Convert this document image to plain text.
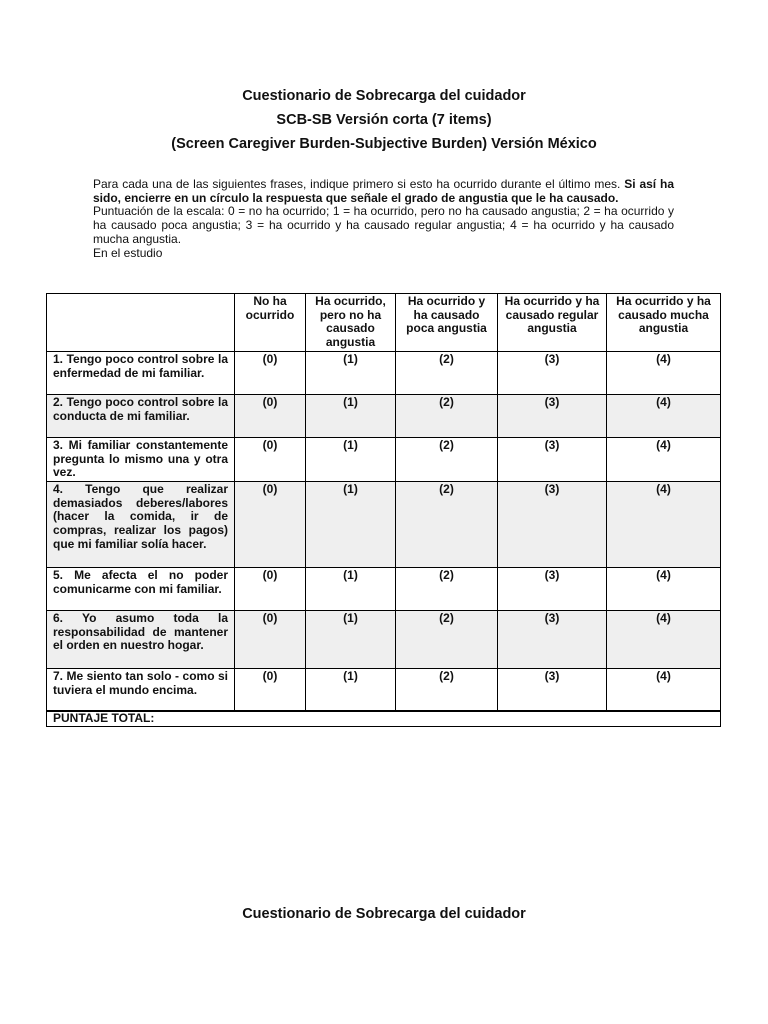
Cuestionario de Sobrecarga del cuidador
SCB-SB Versión corta (7 items)
(Screen Caregiver Burden-Subjective Burden) Versión México

Para cada una de las siguientes frases, indique primero si esto ha ocurrido durante el último mes. Si así ha sido, encierre en un círculo la respuesta que señale el grado de angustia que le ha causado.

Puntuación de la escala: 0 = no ha ocurrido; 1 = ha ocurrido, pero no ha causado angustia; 2 = ha ocurrido y ha causado poca angustia; 3 = ha ocurrido y ha causado regular angustia; 4 = ha ocurrido y ha causado mucha angustia.

En el estudio

	No ha ocurrido	Ha ocurrido, pero no ha causado angustia	Ha ocurrido y ha causado poca angustia	Ha ocurrido y ha causado regular angustia	Ha ocurrido y ha causado mucha angustia
1. Tengo poco control sobre la enfermedad de mi familiar.	(0)	(1)	(2)	(3)	(4)
2. Tengo poco control sobre la conducta de mi familiar.	(0)	(1)	(2)	(3)	(4)
3. Mi familiar constantemente pregunta lo mismo una y otra vez.	(0)	(1)	(2)	(3)	(4)
4. Tengo que realizar demasiados deberes/labores (hacer la comida, ir de compras, realizar los pagos) que mi familiar solía hacer.	(0)	(1)	(2)	(3)	(4)
5. Me afecta el no poder comunicarme con mi familiar.	(0)	(1)	(2)	(3)	(4)
6. Yo asumo toda la responsabilidad de mantener el orden en nuestro hogar.	(0)	(1)	(2)	(3)	(4)
7. Me siento tan solo - como si tuviera el mundo encima.	(0)	(1)	(2)	(3)	(4)
PUNTAJE TOTAL:					
Cuestionario de Sobrecarga del cuidador
